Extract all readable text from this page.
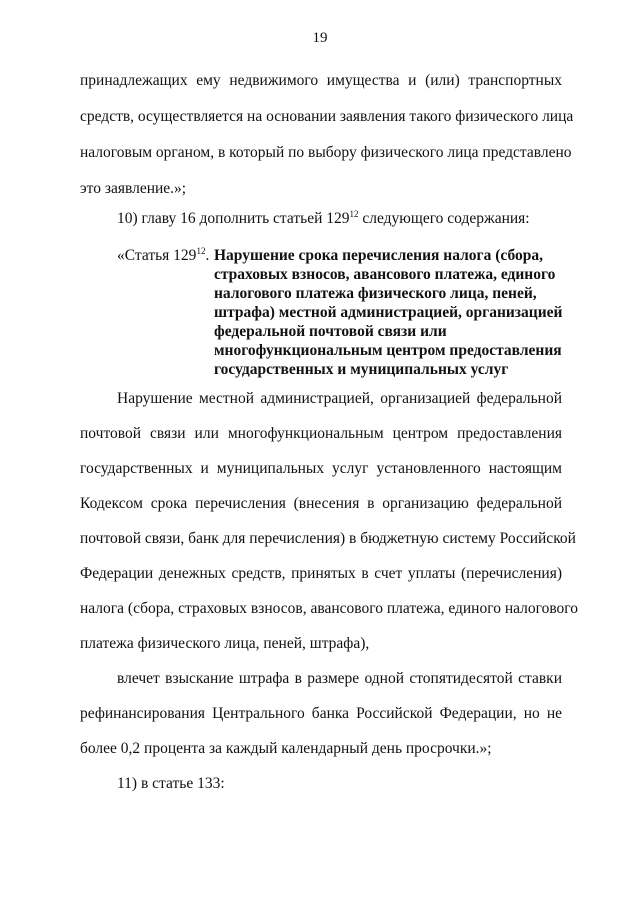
19
принадлежащих ему недвижимого имущества и (или) транспортных
средств, осуществляется на основании заявления такого физического лица
налоговым органом, в который по выбору физического лица представлено
это заявление.»;
10) главу 16 дополнить статьей $129^{12}$ следующего содержания:
«Статья $129^{12}$. Нарушение срока перечисления налога (сбора,
страховых взносов, авансового платежа, единого
налогового платежа физического лица, пеней,
штрафа) местной администрацией, организацией
федеральной почтовой связи или
многофункциональным центром предоставления
государственных и муниципальных услуг
Нарушение местной администрацией, организацией федеральной
почтовой связи или многофункциональным центром предоставления
государственных и муниципальных услуг установленного настоящим
Кодексом срока перечисления (внесения в организацию федеральной
почтовой связи, банк для перечисления) в бюджетную систему Российской
Федерации денежных средств, принятых в счет уплаты (перечисления)
налога (сбора, страховых взносов, авансового платежа, единого налогового
платежа физического лица, пеней, штрафа),
влечет взыскание штрафа в размере одной стопятидесятой ставки
рефинансирования Центрального банка Российской Федерации, но не
более 0,2 процента за каждый календарный день просрочки.»;
11) в статье 133:
